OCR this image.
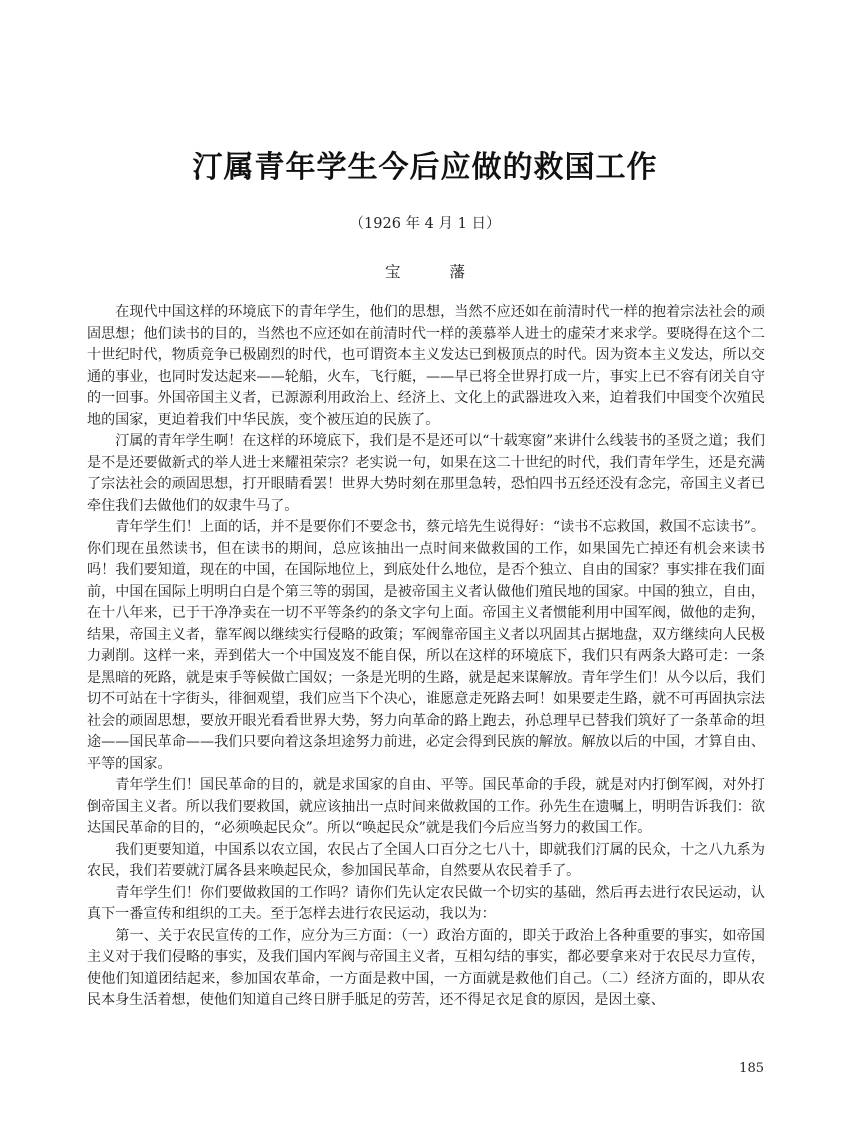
汀属青年学生今后应做的救国工作
（1926 年 4 月 1 日）
宝 藩

在现代中国这样的环境底下的青年学生，他们的思想，当然不应还如在前清时代一样的抱着宗法社会的顽固思想；他们读书的目的，当然也不应还如在前清时代一样的羡慕举人进士的虚荣才来求学。要晓得在这个二十世纪时代，物质竞争已极剧烈的时代，也可谓资本主义发达已到极顶点的时代。因为资本主义发达，所以交通的事业，也同时发达起来——轮船，火车，飞行艇，——早已将全世界打成一片，事实上已不容有闭关自守的一回事。外国帝国主义者，已源源利用政治上、经济上、文化上的武器进攻入来，迫着我们中国变个次殖民地的国家，更迫着我们中华民族，变个被压迫的民族了。

汀属的青年学生啊！在这样的环境底下，我们是不是还可以“十载寒窗”来讲什么线装书的圣贤之道；我们是不是还要做新式的举人进士来耀祖荣宗？老实说一句，如果在这二十世纪的时代，我们青年学生，还是充满了宗法社会的顽固思想，打开眼睛看罢！世界大势时刻在那里急转，恐怕四书五经还没有念完，帝国主义者已牵住我们去做他们的奴隶牛马了。

青年学生们！上面的话，并不是要你们不要念书，蔡元培先生说得好：“读书不忘救国，救国不忘读书”。你们现在虽然读书，但在读书的期间，总应该抽出一点时间来做救国的工作，如果国先亡掉还有机会来读书吗！我们要知道，现在的中国，在国际地位上，到底处什么地位，是否个独立、自由的国家？事实排在我们面前，中国在国际上明明白白是个第三等的弱国，是被帝国主义者认做他们殖民地的国家。中国的独立，自由，在十八年来，已于干净净卖在一切不平等条约的条文字句上面。帝国主义者惯能利用中国军阀，做他的走狗，结果，帝国主义者，靠军阀以继续实行侵略的政策；军阀靠帝国主义者以巩固其占据地盘，双方继续向人民极力剥削。这样一来，弄到偌大一个中国岌岌不能自保，所以在这样的环境底下，我们只有两条大路可走：一条是黑暗的死路，就是束手等候做亡国奴；一条是光明的生路，就是起来谋解放。青年学生们！从今以后，我们切不可站在十字街头，徘徊观望，我们应当下个决心，谁愿意走死路去呵！如果要走生路，就不可再固执宗法社会的顽固思想，要放开眼光看看世界大势，努力向革命的路上跑去，孙总理早已替我们筑好了一条革命的坦途——国民革命——我们只要向着这条坦途努力前进，必定会得到民族的解放。解放以后的中国，才算自由、平等的国家。

青年学生们！国民革命的目的，就是求国家的自由、平等。国民革命的手段，就是对内打倒军阀，对外打倒帝国主义者。所以我们要救国，就应该抽出一点时间来做救国的工作。孙先生在遗嘱上，明明告诉我们：欲达国民革命的目的，“必须唤起民众”。所以“唤起民众”就是我们今后应当努力的救国工作。

我们更要知道，中国系以农立国，农民占了全国人口百分之七八十，即就我们汀属的民众，十之八九系为农民，我们若要就汀属各县来唤起民众，参加国民革命，自然要从农民着手了。

青年学生们！你们要做救国的工作吗？请你们先认定农民做一个切实的基础，然后再去进行农民运动，认真下一番宣传和组织的工夫。至于怎样去进行农民运动，我以为：

第一、关于农民宣传的工作，应分为三方面：（一）政治方面的，即关于政治上各种重要的事实，如帝国主义对于我们侵略的事实，及我们国内军阀与帝国主义者，互相勾结的事实，都必要拿来对于农民尽力宣传，使他们知道团结起来，参加国农革命，一方面是救中国，一方面就是救他们自己。（二）经济方面的，即从农民本身生活着想，使他们知道自己终日胼手胝足的劳苦，还不得足衣足食的原因，是因土豪、

185
